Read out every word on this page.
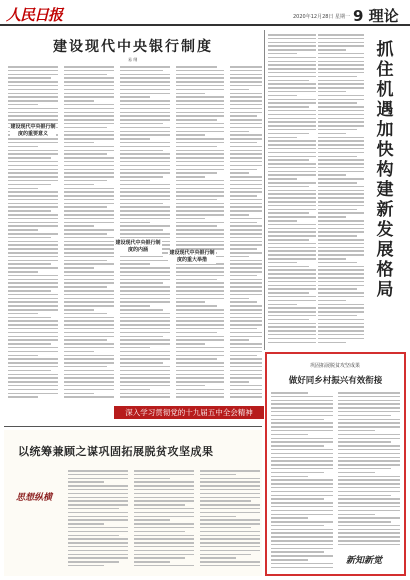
人民日报	2020年12月28日 星期一 9 理论
建设现代中央银行制度
易 纲
建设现代中央银行制度的重要意义
建设现代中央银行制度的内涵	建设现代中央银行制度的重大举措
抓
住
机
遇
加
快
构
建
新
发
展
格
局
深入学习贯彻党的十九届五中全会精神
以统筹兼顾之谋巩固拓展脱贫攻坚成果
思想纵横
巩固拓展脱贫攻坚成果
做好同乡村振兴有效衔接
新知新觉
